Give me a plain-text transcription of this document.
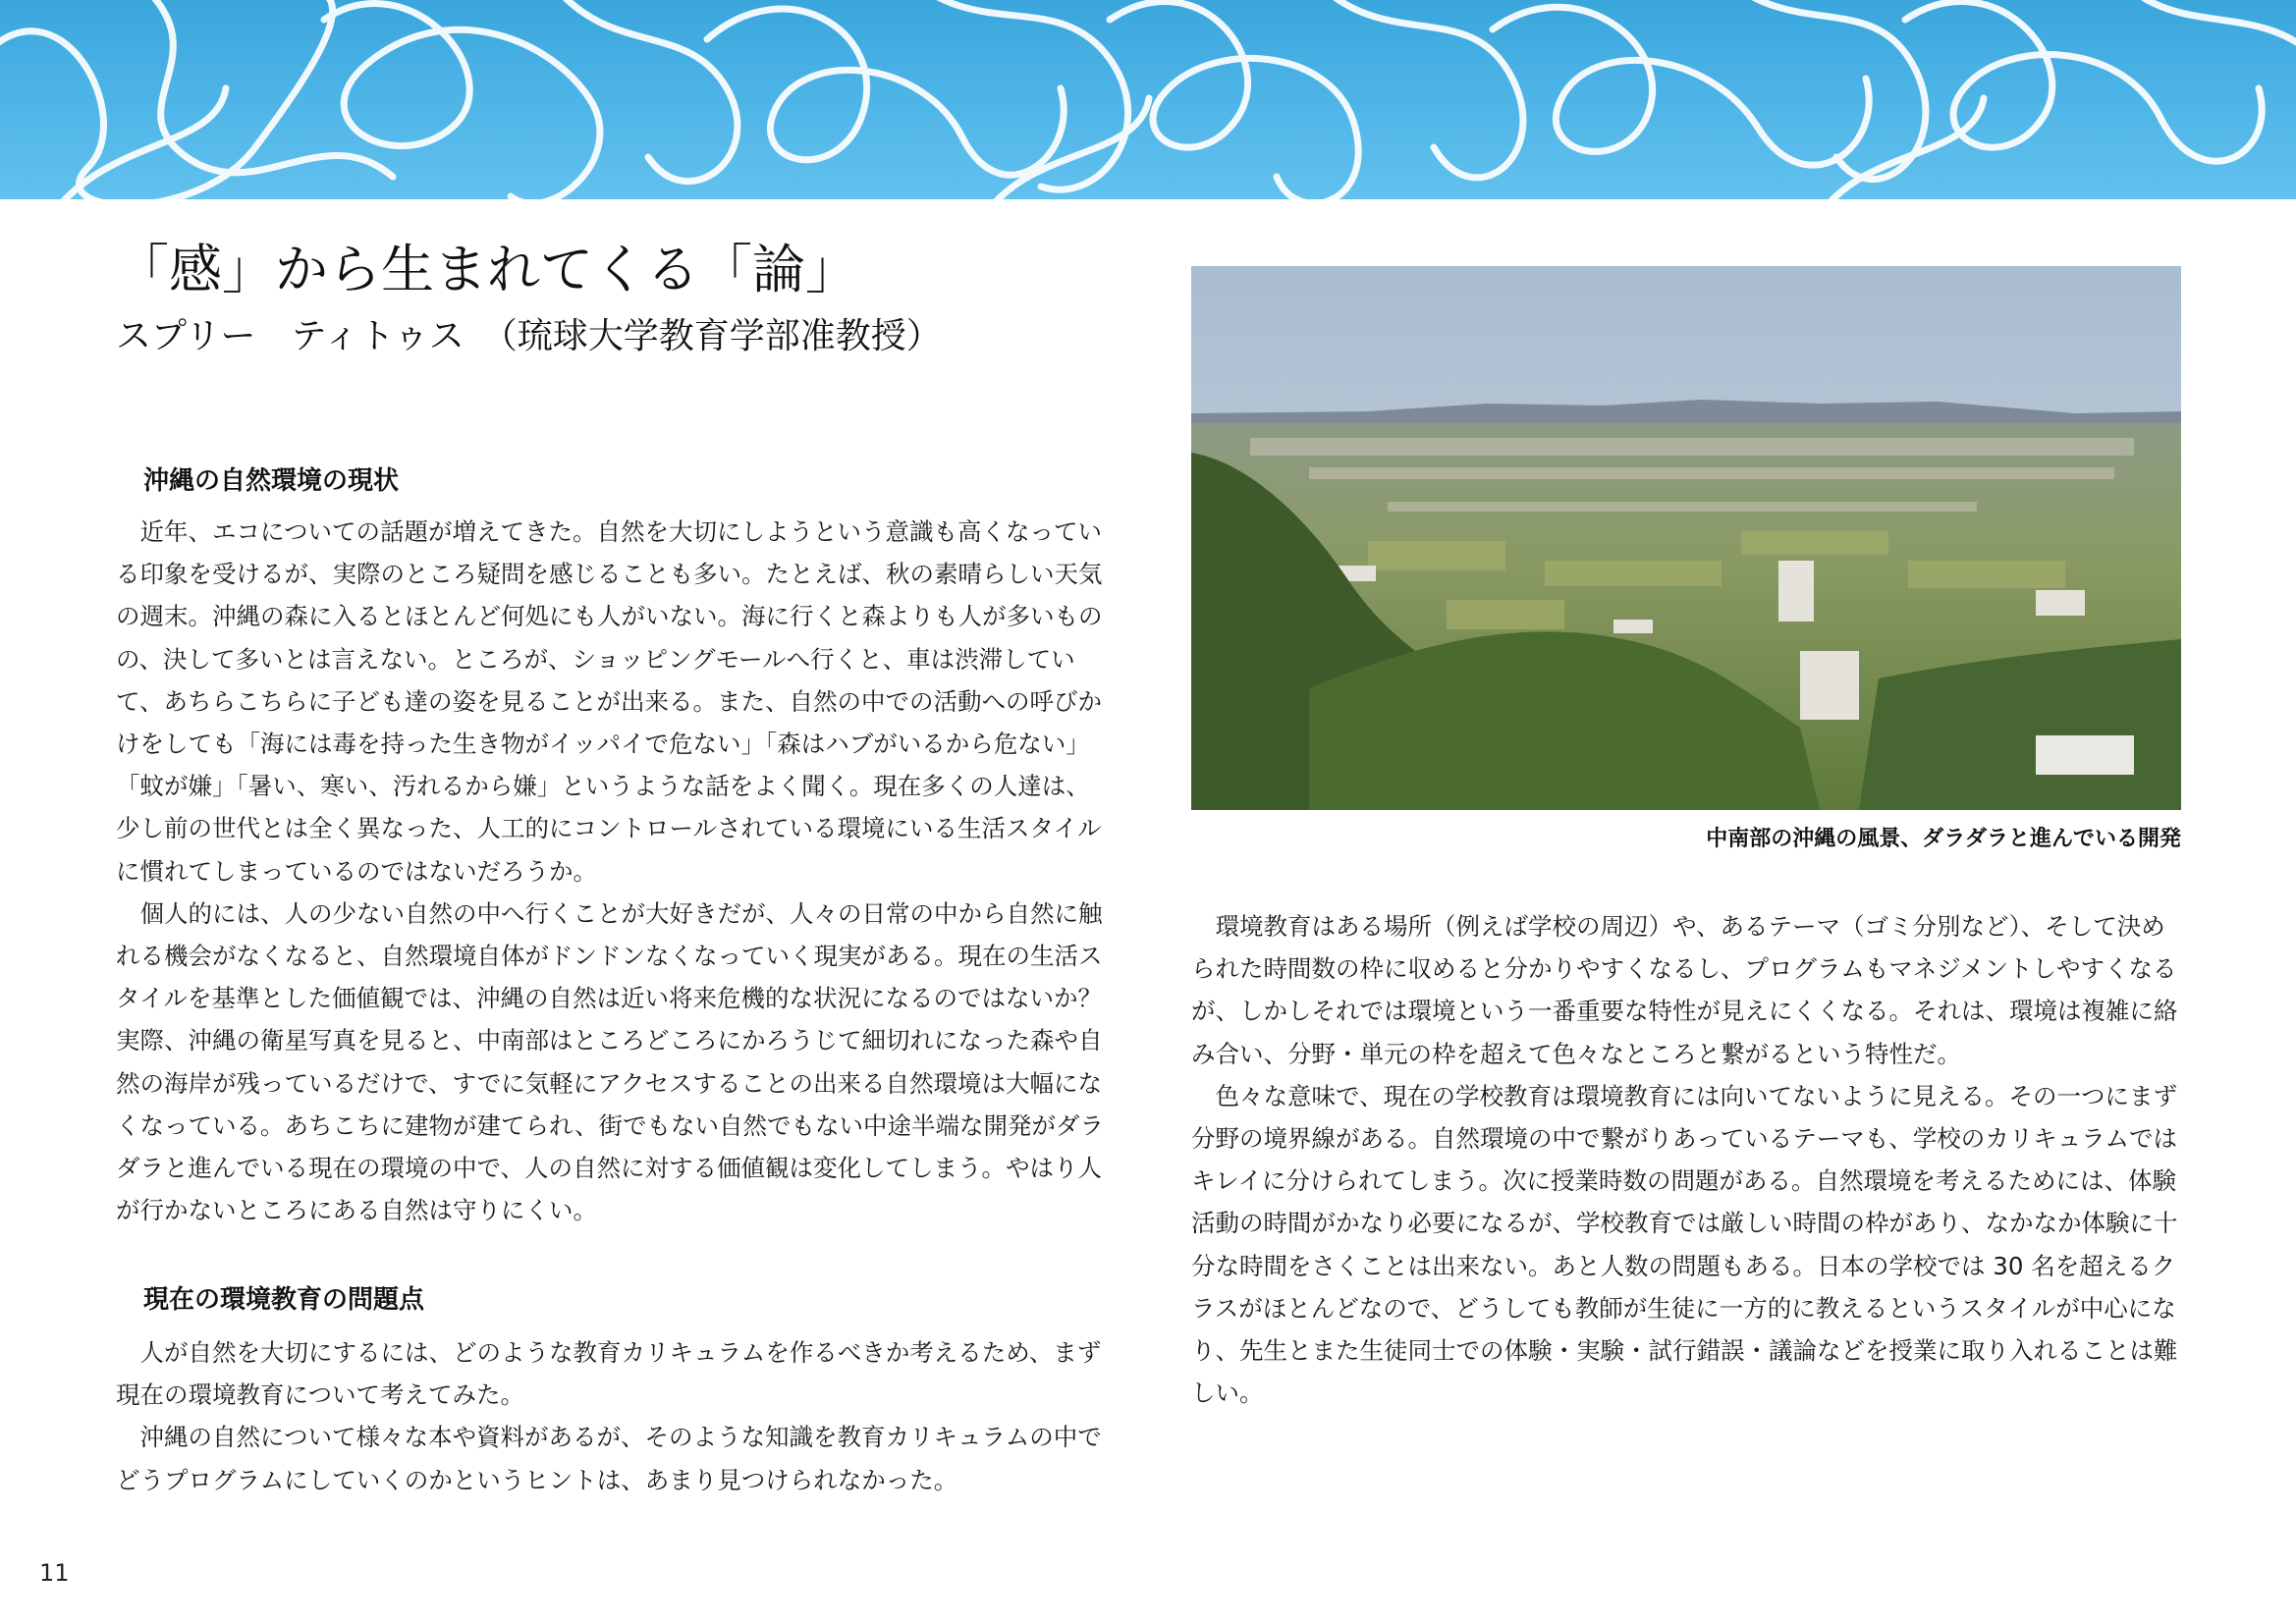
「感」から生まれてくる「論」
スプリー　ティトゥス　（琉球大学教育学部准教授）
沖縄の自然環境の現状

近年、エコについての話題が増えてきた。自然を大切にしようという意識も高くなっている印象を受けるが、実際のところ疑問を感じることも多い。たとえば、秋の素晴らしい天気の週末。沖縄の森に入るとほとんど何処にも人がいない。海に行くと森よりも人が多いものの、決して多いとは言えない。ところが、ショッピングモールへ行くと、車は渋滞していて、あちらこちらに子ども達の姿を見ることが出来る。また、自然の中での活動への呼びかけをしても「海には毒を持った生き物がイッパイで危ない」「森はハブがいるから危ない」「蚊が嫌」「暑い、寒い、汚れるから嫌」というような話をよく聞く。現在多くの人達は、少し前の世代とは全く異なった、人工的にコントロールされている環境にいる生活スタイルに慣れてしまっているのではないだろうか。

個人的には、人の少ない自然の中へ行くことが大好きだが、人々の日常の中から自然に触れる機会がなくなると、自然環境自体がドンドンなくなっていく現実がある。現在の生活スタイルを基準とした価値観では、沖縄の自然は近い将来危機的な状況になるのではないか？実際、沖縄の衛星写真を見ると、中南部はところどころにかろうじて細切れになった森や自然の海岸が残っているだけで、すでに気軽にアクセスすることの出来る自然環境は大幅になくなっている。あちこちに建物が建てられ、街でもない自然でもない中途半端な開発がダラダラと進んでいる現在の環境の中で、人の自然に対する価値観は変化してしまう。やはり人が行かないところにある自然は守りにくい。

現在の環境教育の問題点

人が自然を大切にするには、どのような教育カリキュラムを作るべきか考えるため、まず現在の環境教育について考えてみた。

沖縄の自然について様々な本や資料があるが、そのような知識を教育カリキュラムの中でどうプログラムにしていくのかというヒントは、あまり見つけられなかった。

中南部の沖縄の風景、ダラダラと進んでいる開発

環境教育はある場所（例えば学校の周辺）や、あるテーマ（ゴミ分別など）、そして決められた時間数の枠に収めると分かりやすくなるし、プログラムもマネジメントしやすくなるが、しかしそれでは環境という一番重要な特性が見えにくくなる。それは、環境は複雑に絡み合い、分野・単元の枠を超えて色々なところと繋がるという特性だ。

色々な意味で、現在の学校教育は環境教育には向いてないように見える。その一つにまず分野の境界線がある。自然環境の中で繋がりあっているテーマも、学校のカリキュラムではキレイに分けられてしまう。次に授業時数の問題がある。自然環境を考えるためには、体験活動の時間がかなり必要になるが、学校教育では厳しい時間の枠があり、なかなか体験に十分な時間をさくことは出来ない。あと人数の問題もある。日本の学校では 30 名を超えるクラスがほとんどなので、どうしても教師が生徒に一方的に教えるというスタイルが中心になり、先生とまた生徒同士での体験・実験・試行錯誤・議論などを授業に取り入れることは難しい。

11
